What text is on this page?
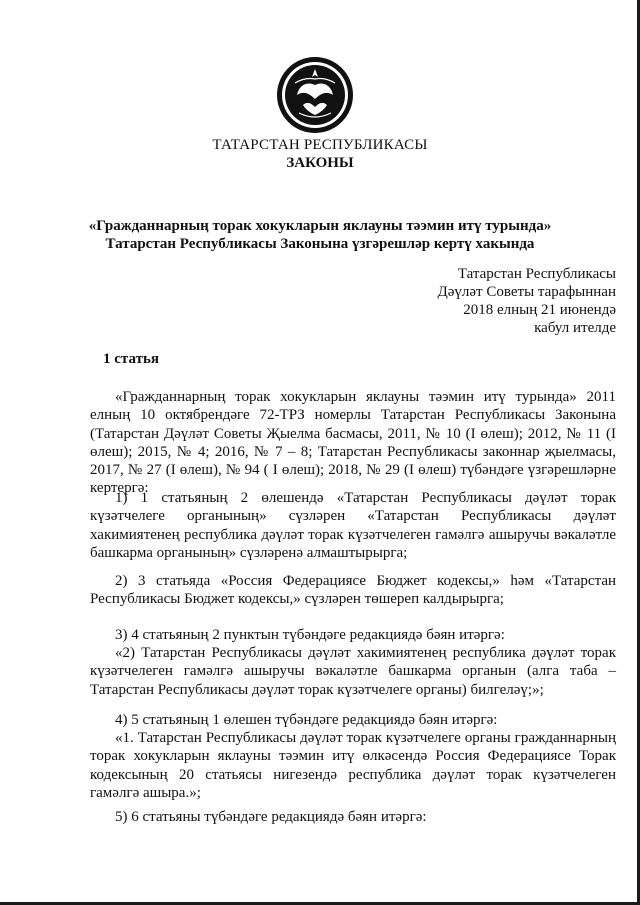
ТАТАРСТАН РЕСПУБЛИКАСЫ
ЗАКОНЫ
«Гражданнарның торак хокукларын яклауны тәэмин итү турында»
Татарстан Республикасы Законына үзгәрешләр кертү хакында
Татарстан Республикасы
Дәүләт Советы тарафыннан
2018 елның 21 июнендә
кабул ителде
1 статья

«Гражданнарның торак хокукларын яклауны тәэмин итү турында» 2011 елның 10 октябрендәге 72-ТРЗ номерлы Татарстан Республикасы Законына (Татарстан Дәүләт Советы Җыелма басмасы, 2011, № 10 (I өлеш); 2012, № 11 (I өлеш); 2015, № 4; 2016, № 7 – 8; Татарстан Республикасы законнар җыелмасы, 2017, № 27 (I өлеш), № 94 ( I өлеш); 2018, № 29 (I өлеш) түбәндәге үзгәрешләрне кертергә:

1) 1 статьяның 2 өлешендә «Татарстан Республикасы дәүләт торак күзәтчелеге органының» сүзләрен «Татарстан Республикасы дәүләт хакимиятенең республика дәүләт торак күзәтчелеген гамәлгә ашыручы вәкаләтле башкарма органының» сүзләренә алмаштырырга;

2) 3 статьяда «Россия Федерациясе Бюджет кодексы,» һәм «Татарстан Республикасы Бюджет кодексы,» сүзләрен төшереп калдырырга;

3) 4 статьяның 2 пунктын түбәндәге редакциядә бәян итәргә:

«2) Татарстан Республикасы дәүләт хакимиятенең республика дәүләт торак күзәтчелеген гамәлгә ашыручы вәкаләтле башкарма органын (алга таба – Татарстан Республикасы дәүләт торак күзәтчелеге органы) билгеләү;»;

4) 5 статьяның 1 өлешен түбәндәге редакциядә бәян итәргә:

«1. Татарстан Республикасы дәүләт торак күзәтчелеге органы гражданнарның торак хокукларын яклауны тәэмин итү өлкәсендә Россия Федерациясе Торак кодексының 20 статьясы нигезендә республика дәүләт торак күзәтчелеген гамәлгә ашыра.»;

5) 6 статьяны түбәндәге редакциядә бәян итәргә:
